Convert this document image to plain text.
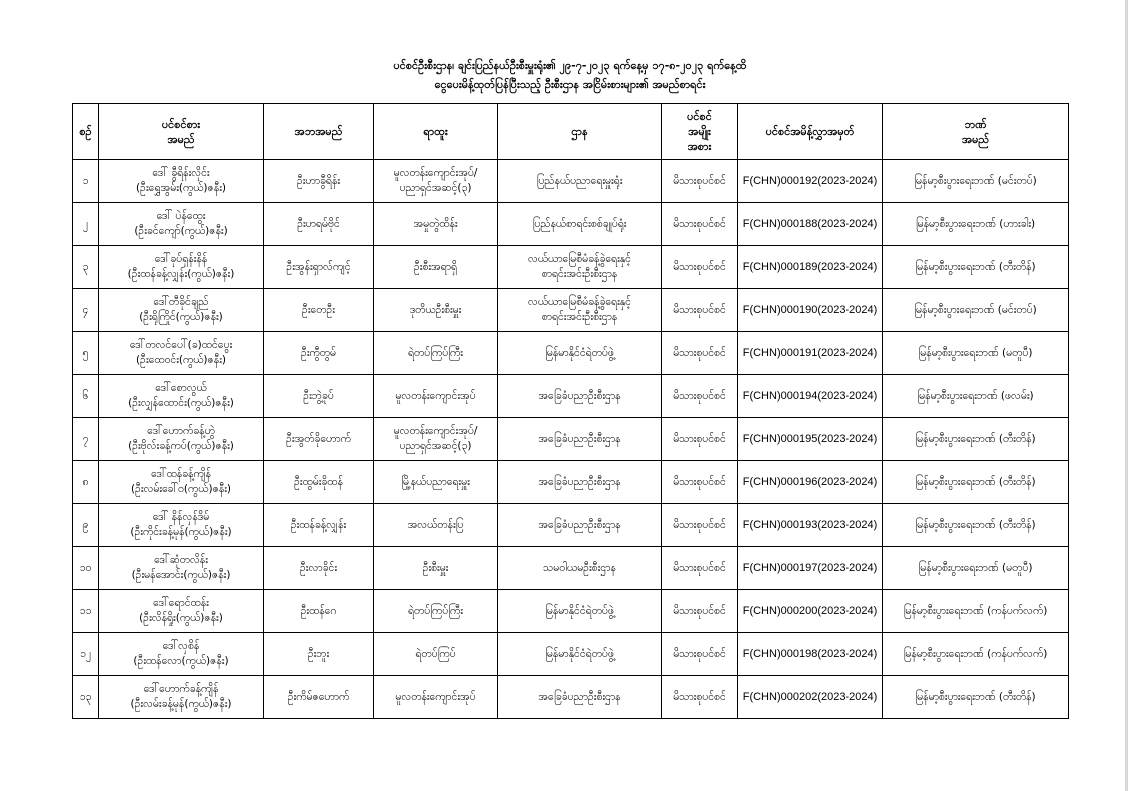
ပင်စင်ဦးစီးဌာန၊ ချင်းပြည်နယ်ဦးစီးမှူးရုံး၏ ၂၉-၇-၂၀၂၃ ရက်နေ့မှ ၁၇-၈-၂၀၂၃ ရက်နေ့ထိ
ငွေပေးမိန့်ထုတ်ပြန်ပြီးသည့် ဦးစီးဌာန အငြိမ်းစားများ၏ အမည်စာရင်း
စဉ်	ပင်စင်စား
အမည်	အဘအမည်	ရာထူး	ဌာန	ပင်စင်
အမျိုး
အစား	ပင်စင်အမိန့်လွှာအမှတ်	ဘဏ်
အမည်

၁	ဒေါ် ခွီရိန်းလိုင်း
(ဦးရွှေအွမ်း(ကွယ်)ဇနီး)	ဦးဟာခွီရိန်း	မူလတန်းကျောင်းအုပ်/
ပညာရှင်အဆင့်(၃)	ပြည်နယ်ပညာရေးမှူးရုံး	မိသားစုပင်စင်	F(CHN)000192(2023-2024)	မြန်မာ့စီးပွားရေးဘဏ် (မင်းတပ်)

၂	ဒေါ် ပဲန်ထွေး
(ဦးခင်ကျော်(ကွယ်)ဇနီး)	ဦးဟရမ်ဗိုင်	အမှုတွဲထိန်း	ပြည်နယ်စာရင်းစစ်ချုပ်ရုံး	မိသားစုပင်စင်	F(CHN)000188(2023-2024)	မြန်မာ့စီးပွားရေးဘဏ် (ဟားခါး)

၃	ဒေါ်ခုပ်ရှန်းနိန်
(ဦးထန်ခန့်လျှန်း(ကွယ်)ဇနီး)	ဦးအွန်းရှာလ်ကျင့်	ဦးစီးအရာရှိ	လယ်ယာမြေစီမံခန့်ခွဲရေးနှင့်
စာရင်းအင်းဦးစီးဌာန	မိသားစုပင်စင်	F(CHN)000189(2023-2024)	မြန်မာ့စီးပွားရေးဘဏ် (တီးတိန်)

၄	ဒေါ်တီခိုင်ချည်
(ဦးရိုကြိုင်(ကွယ်)ဇနီး)	ဦးတေဦး	ဒုတိယဦးစီးမှူး	လယ်ယာမြေစီမံခန့်ခွဲရေးနှင့်
စာရင်းအင်းဦးစီးဌာန	မိသားစုပင်စင်	F(CHN)000190(2023-2024)	မြန်မာ့စီးပွားရေးဘဏ် (မင်းတပ်)

၅	ဒေါ်တလင်ပေါ်(ခ)ထင်ပွေး
(ဦးထေဝင်း(ကွယ်)ဇနီး)	ဦးကွီတွမ်	ရဲတပ်ကြပ်ကြီး	မြန်မာနိုင်ငံရဲတပ်ဖွဲ့	မိသားစုပင်စင်	F(CHN)000191(2023-2024)	မြန်မာ့စီးပွားရေးဘဏ် (မတူပီ)

၆	ဒေါ်စောလွယ်
(ဦးလျှန်ထောင်း(ကွယ်)ဇနီး)	ဦးဘွဲ့ခုပ်	မူလတန်းကျောင်းအုပ်	အခြေခံပညာဦးစီးဌာန	မိသားစုပင်စင်	F(CHN)000194(2023-2024)	မြန်မာ့စီးပွားရေးဘဏ် (ဖလမ်း)

၇	ဒေါ်ဟောက်ခန့်ဟွဲ
(ဦးဗိုလ်းခန့်ကပ်(ကွယ်)ဇနီး)	ဦးအွတ်ခိုဟောက်	မူလတန်းကျောင်းအုပ်/
ပညာရှင်အဆင့်(၃)	အခြေခံပညာဦးစီးဌာန	မိသားစုပင်စင်	F(CHN)000195(2023-2024)	မြန်မာ့စီးပွားရေးဘဏ် (တီးတိန်)

၈	ဒေါ်ထန်ခန့်ကျိန်
(ဦးလမ်းခေါ်ဝ(ကွယ်)ဇနီး)	ဦးထွမ်းခိုထန်	မြို့နယ်ပညာရေးမှူး	အခြေခံပညာဦးစီးဌာန	မိသားစုပင်စင်	F(CHN)000196(2023-2024)	မြန်မာ့စီးပွားရေးဘဏ် (တီးတိန်)

၉	ဒေါ် နိန်လှန်ဒိမ်
(ဦးကိုင်းခန့်မုန်(ကွယ်)ဇနီး)	ဦးထန်ခန့်လျှန်း	အလယ်တန်းပြ	အခြေခံပညာဦးစီးဌာန	မိသားစုပင်စင်	F(CHN)000193(2023-2024)	မြန်မာ့စီးပွားရေးဘဏ် (တီးတိန်)

၁၀	ဒေါ်ဆုံတလိန်း
(ဦးမန်အောင်း(ကွယ်)ဇနီး)	ဦးလာခိုင်း	ဦးစီးမှူး	သမဝါယမဦးစီးဌာန	မိသားစုပင်စင်	F(CHN)000197(2023-2024)	မြန်မာ့စီးပွားရေးဘဏ် (မတူပီ)

၁၁	ဒေါ်ရောင်ထန်း
(ဦးလိန်ရှိုး(ကွယ်)ဇနီး)	ဦးထန်ဂေ	ရဲတပ်ကြပ်ကြီး	မြန်မာနိုင်ငံရဲတပ်ဖွဲ့	မိသားစုပင်စင်	F(CHN)000200(2023-2024)	မြန်မာ့စီးပွားရေးဘဏ် (ကန်ပက်လက်)

၁၂	ဒေါ်လှစိန်
(ဦးထန်လော(ကွယ်)ဇနီး)	ဦးဘူး	ရဲတပ်ကြပ်	မြန်မာနိုင်ငံရဲတပ်ဖွဲ့	မိသားစုပင်စင်	F(CHN)000198(2023-2024)	မြန်မာ့စီးပွားရေးဘဏ် (ကန်ပက်လက်)

၁၃	ဒေါ်ဟောက်ခန့်ကျိန်
(ဦးလမ်းခန့်မုန်(ကွယ်)ဇနီး)	ဦးကိမ်ဇဟောက်	မူလတန်းကျောင်းအုပ်	အခြေခံပညာဦးစီးဌာန	မိသားစုပင်စင်	F(CHN)000202(2023-2024)	မြန်မာ့စီးပွားရေးဘဏ် (တီးတိန်)
